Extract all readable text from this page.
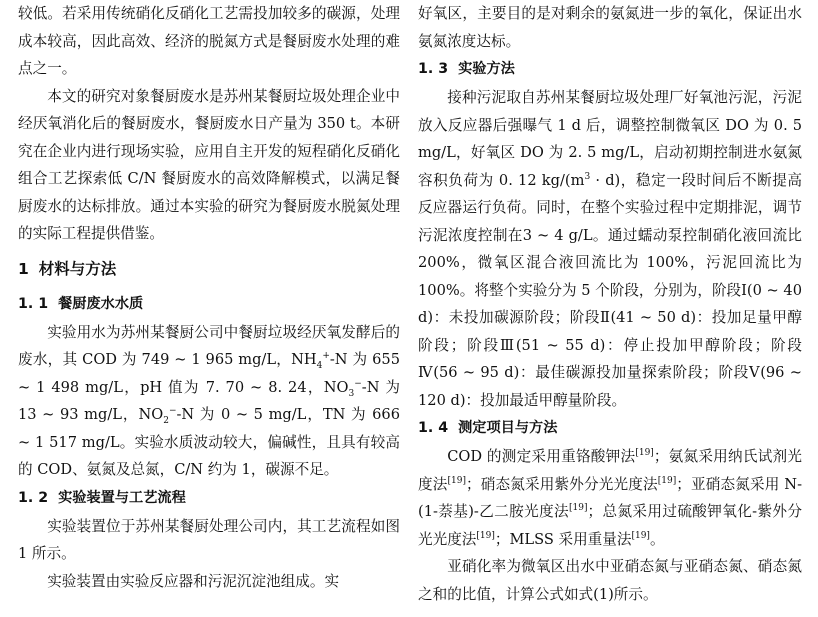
较低。若采用传统硝化反硝化工艺需投加较多的碳源，处理成本较高，因此高效、经济的脱氮方式是餐厨废水处理的难点之一。

本文的研究对象餐厨废水是苏州某餐厨垃圾处理企业中经厌氧消化后的餐厨废水，餐厨废水日产量为 350 t。本研究在企业内进行现场实验，应用自主开发的短程硝化反硝化组合工艺探索低 C/N 餐厨废水的高效降解模式，以满足餐厨废水的达标排放。通过本实验的研究为餐厨废水脱氮处理的实际工程提供借鉴。

1 材料与方法
1. 1 餐厨废水水质

实验用水为苏州某餐厨公司中餐厨垃圾经厌氧发酵后的废水，其 COD 为 749 ~ 1 965 mg/L，$NH_4^+-N$ 为 655 ~ 1 498 mg/L，pH 值为 7. 70 ~ 8. 24，$NO_3^--N$ 为 13 ~ 93 mg/L，$NO_2^--N$ 为 0 ~ 5 mg/L，TN 为 666 ~ 1 517 mg/L。实验水质波动较大，偏碱性，且具有较高的 COD、氨氮及总氮，C/N 约为 1，碳源不足。

1. 2 实验装置与工艺流程

实验装置位于苏州某餐厨处理公司内，其工艺流程如图 1 所示。

实验装置由实验反应器和污泥沉淀池组成。实

好氧区，主要目的是对剩余的氨氮进一步的氧化，保证出水氨氮浓度达标。

1. 3 实验方法

接种污泥取自苏州某餐厨垃圾处理厂好氧池污泥，污泥放入反应器后强曝气 1 d 后，调整控制微氧区 DO 为 0. 5 mg/L，好氧区 DO 为 2. 5 mg/L，启动初期控制进水氨氮容积负荷为 0. 12 $kg/(m^3 \cdot d)$，稳定一段时间后不断提高反应器运行负荷。同时，在整个实验过程中定期排泥，调节污泥浓度控制在3 ~ 4 g/L。通过蠕动泵控制硝化液回流比 200%，微氧区混合液回流比为 100%，污泥回流比为 100%。将整个实验分为 5 个阶段，分别为，阶段Ⅰ(0 ~ 40 d)：未投加碳源阶段；阶段Ⅱ(41 ~ 50 d)：投加足量甲醇阶段；阶段Ⅲ(51 ~ 55 d)：停止投加甲醇阶段；阶段Ⅳ(56 ~ 95 d)：最佳碳源投加量探索阶段；阶段Ⅴ(96 ~ 120 d)：投加最适甲醇量阶段。

1. 4 测定项目与方法

COD 的测定采用重铬酸钾法[19]；氨氮采用纳氏试剂光度法[19]；硝态氮采用紫外分光光度法[19]；亚硝态氮采用 N-(1-萘基)-乙二胺光度法[19]；总氮采用过硫酸钾氧化-紫外分光光度法[19]；MLSS 采用重量法[19]。

亚硝化率为微氧区出水中亚硝态氮与亚硝态氮、硝态氮之和的比值，计算公式如式(1)所示。
